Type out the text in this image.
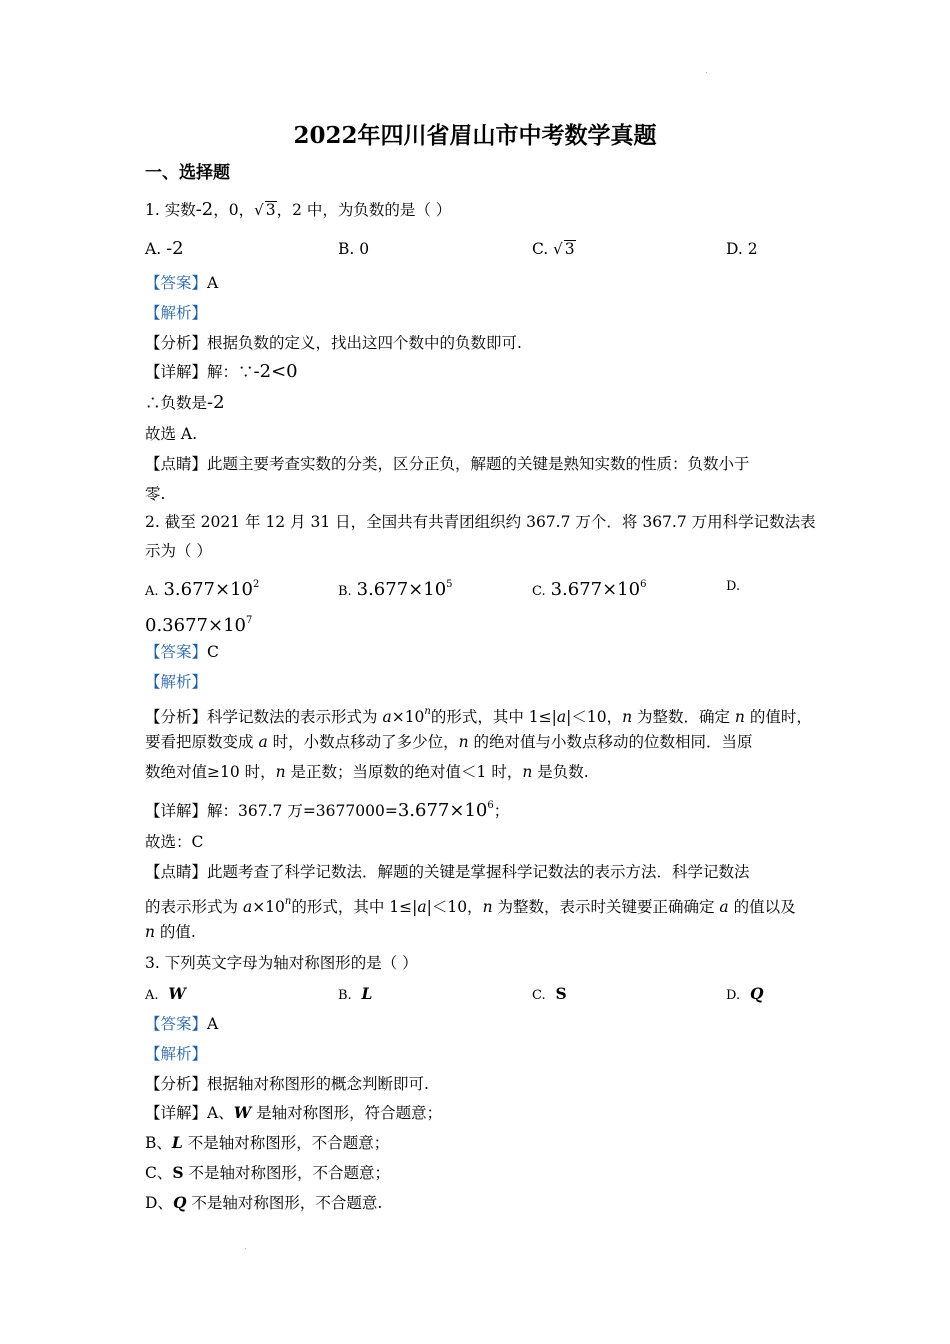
.
2022年四川省眉山市中考数学真题
一、选择题
1. 实数-2，0，√ 3，2 中，为负数的是（ ）
A. -2	B. 0	C. √ 3	D. 2
【答案】A
【解析】
【分析】根据负数的定义，找出这四个数中的负数即可.
【详解】解：∵-2<0
∴负数是-2
故选 A.
【点睛】此题主要考查实数的分类，区分正负，解题的关键是熟知实数的性质：负数小于
零.
2. 截至 2021 年 12 月 31 日，全国共有共青团组织约 367.7 万个．将 367.7 万用科学记数法表
示为（ ）
A. $3.677\times 10^2$	B. $3.677\times 10^5$	C. $3.677\times 10^6$	D.
$0.3677\times 10^7$
【答案】C
【解析】
【分析】科学记数法的表示形式为 $a\times 10^n$的形式，其中 1≤|a|＜10，n 为整数．确定 n 的值时，
要看把原数变成 a 时，小数点移动了多少位，n 的绝对值与小数点移动的位数相同．当原
数绝对值≥10 时，n 是正数；当原数的绝对值＜1 时，n 是负数.
【详解】解：367.7 万$=3677000=3.677\times 10^6$；
故选：C
【点睛】此题考查了科学记数法．解题的关键是掌握科学记数法的表示方法．科学记数法
的表示形式为 $a\times 10^n$的形式，其中 1≤|a|＜10，n 为整数，表示时关键要正确确定 a 的值以及
n 的值.
3. 下列英文字母为轴对称图形的是（ ）
A. W	B. L	C. S	D. Q
【答案】A
【解析】
【分析】根据轴对称图形的概念判断即可.
【详解】A、W 是轴对称图形，符合题意；
B、L 不是轴对称图形，不合题意；
C、S 不是轴对称图形，不合题意；
D、Q 不是轴对称图形，不合题意.
.
